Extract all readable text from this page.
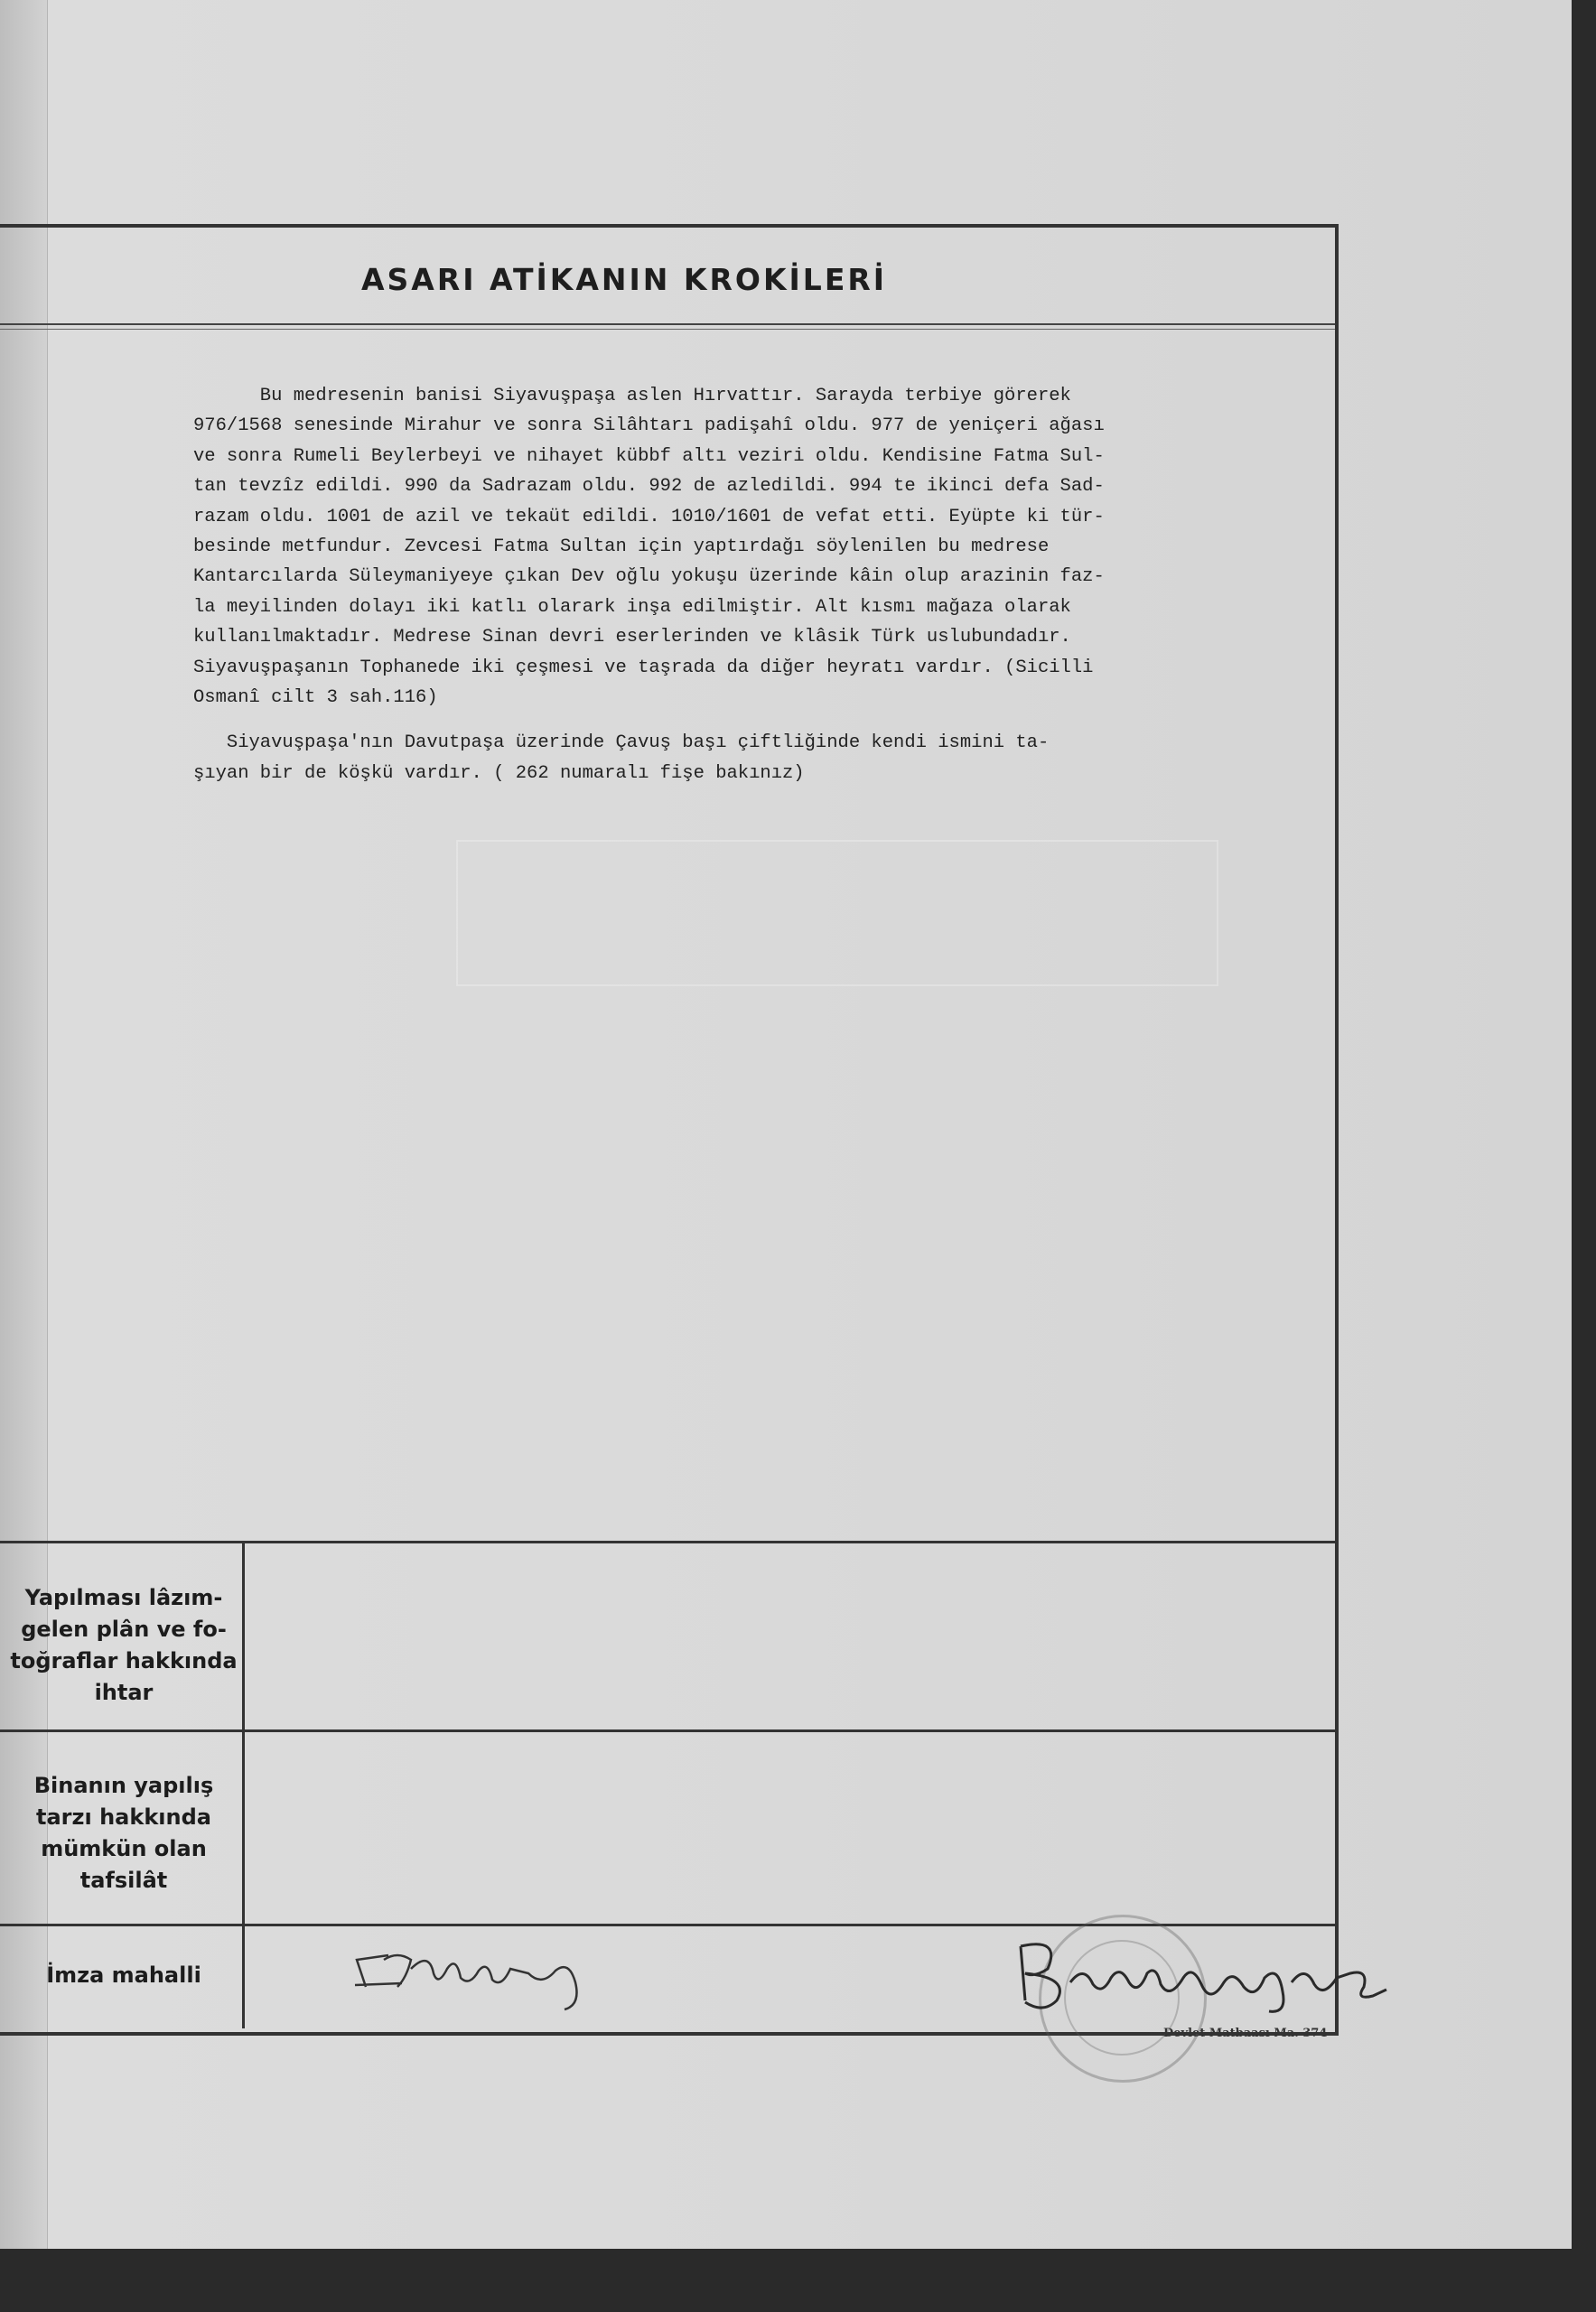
ASARI ATİKANIN KROKİLERİ
Bu medresenin banisi Siyavuşpaşa aslen Hırvattır. Sarayda terbiye görerek
976/1568 senesinde Mirahur ve sonra Silâhtarı padişahî oldu. 977 de yeniçeri ağası
ve sonra Rumeli Beylerbeyi ve nihayet kübbf altı veziri oldu. Kendisine Fatma Sul-
tan tevzîz edildi. 990 da Sadrazam oldu. 992 de azledildi. 994 te ikinci defa Sad-
razam oldu. 1001 de azil ve tekaüt edildi. 1010/1601 de vefat etti. Eyüpte ki tür-
besinde metfundur. Zevcesi Fatma Sultan için yaptırdağı söylenilen bu medrese
Kantarcılarda Süleymaniyeye çıkan Dev oğlu yokuşu üzerinde kâin olup arazinin faz-
la meyilinden dolayı iki katlı olarark inşa edilmiştir. Alt kısmı mağaza olarak
kullanılmaktadır. Medrese Sinan devri eserlerinden ve klâsik Türk uslubundadır.
Siyavuşpaşanın Tophanede iki çeşmesi ve taşrada da diğer heyratı vardır. (Sicilli
Osmanî cilt 3 sah.116)
Siyavuşpaşa'nın Davutpaşa üzerinde Çavuş başı çiftliğinde kendi ismini ta-
şıyan bir de köşkü vardır. ( 262 numaralı fişe bakınız)
Yapılması lâzım-
gelen plân ve fo-
toğraflar hakkında
ihtar
Binanın yapılış
tarzı hakkında
mümkün olan
tafsilât
İmza mahalli
Devlet Matbaası Ma. 374
